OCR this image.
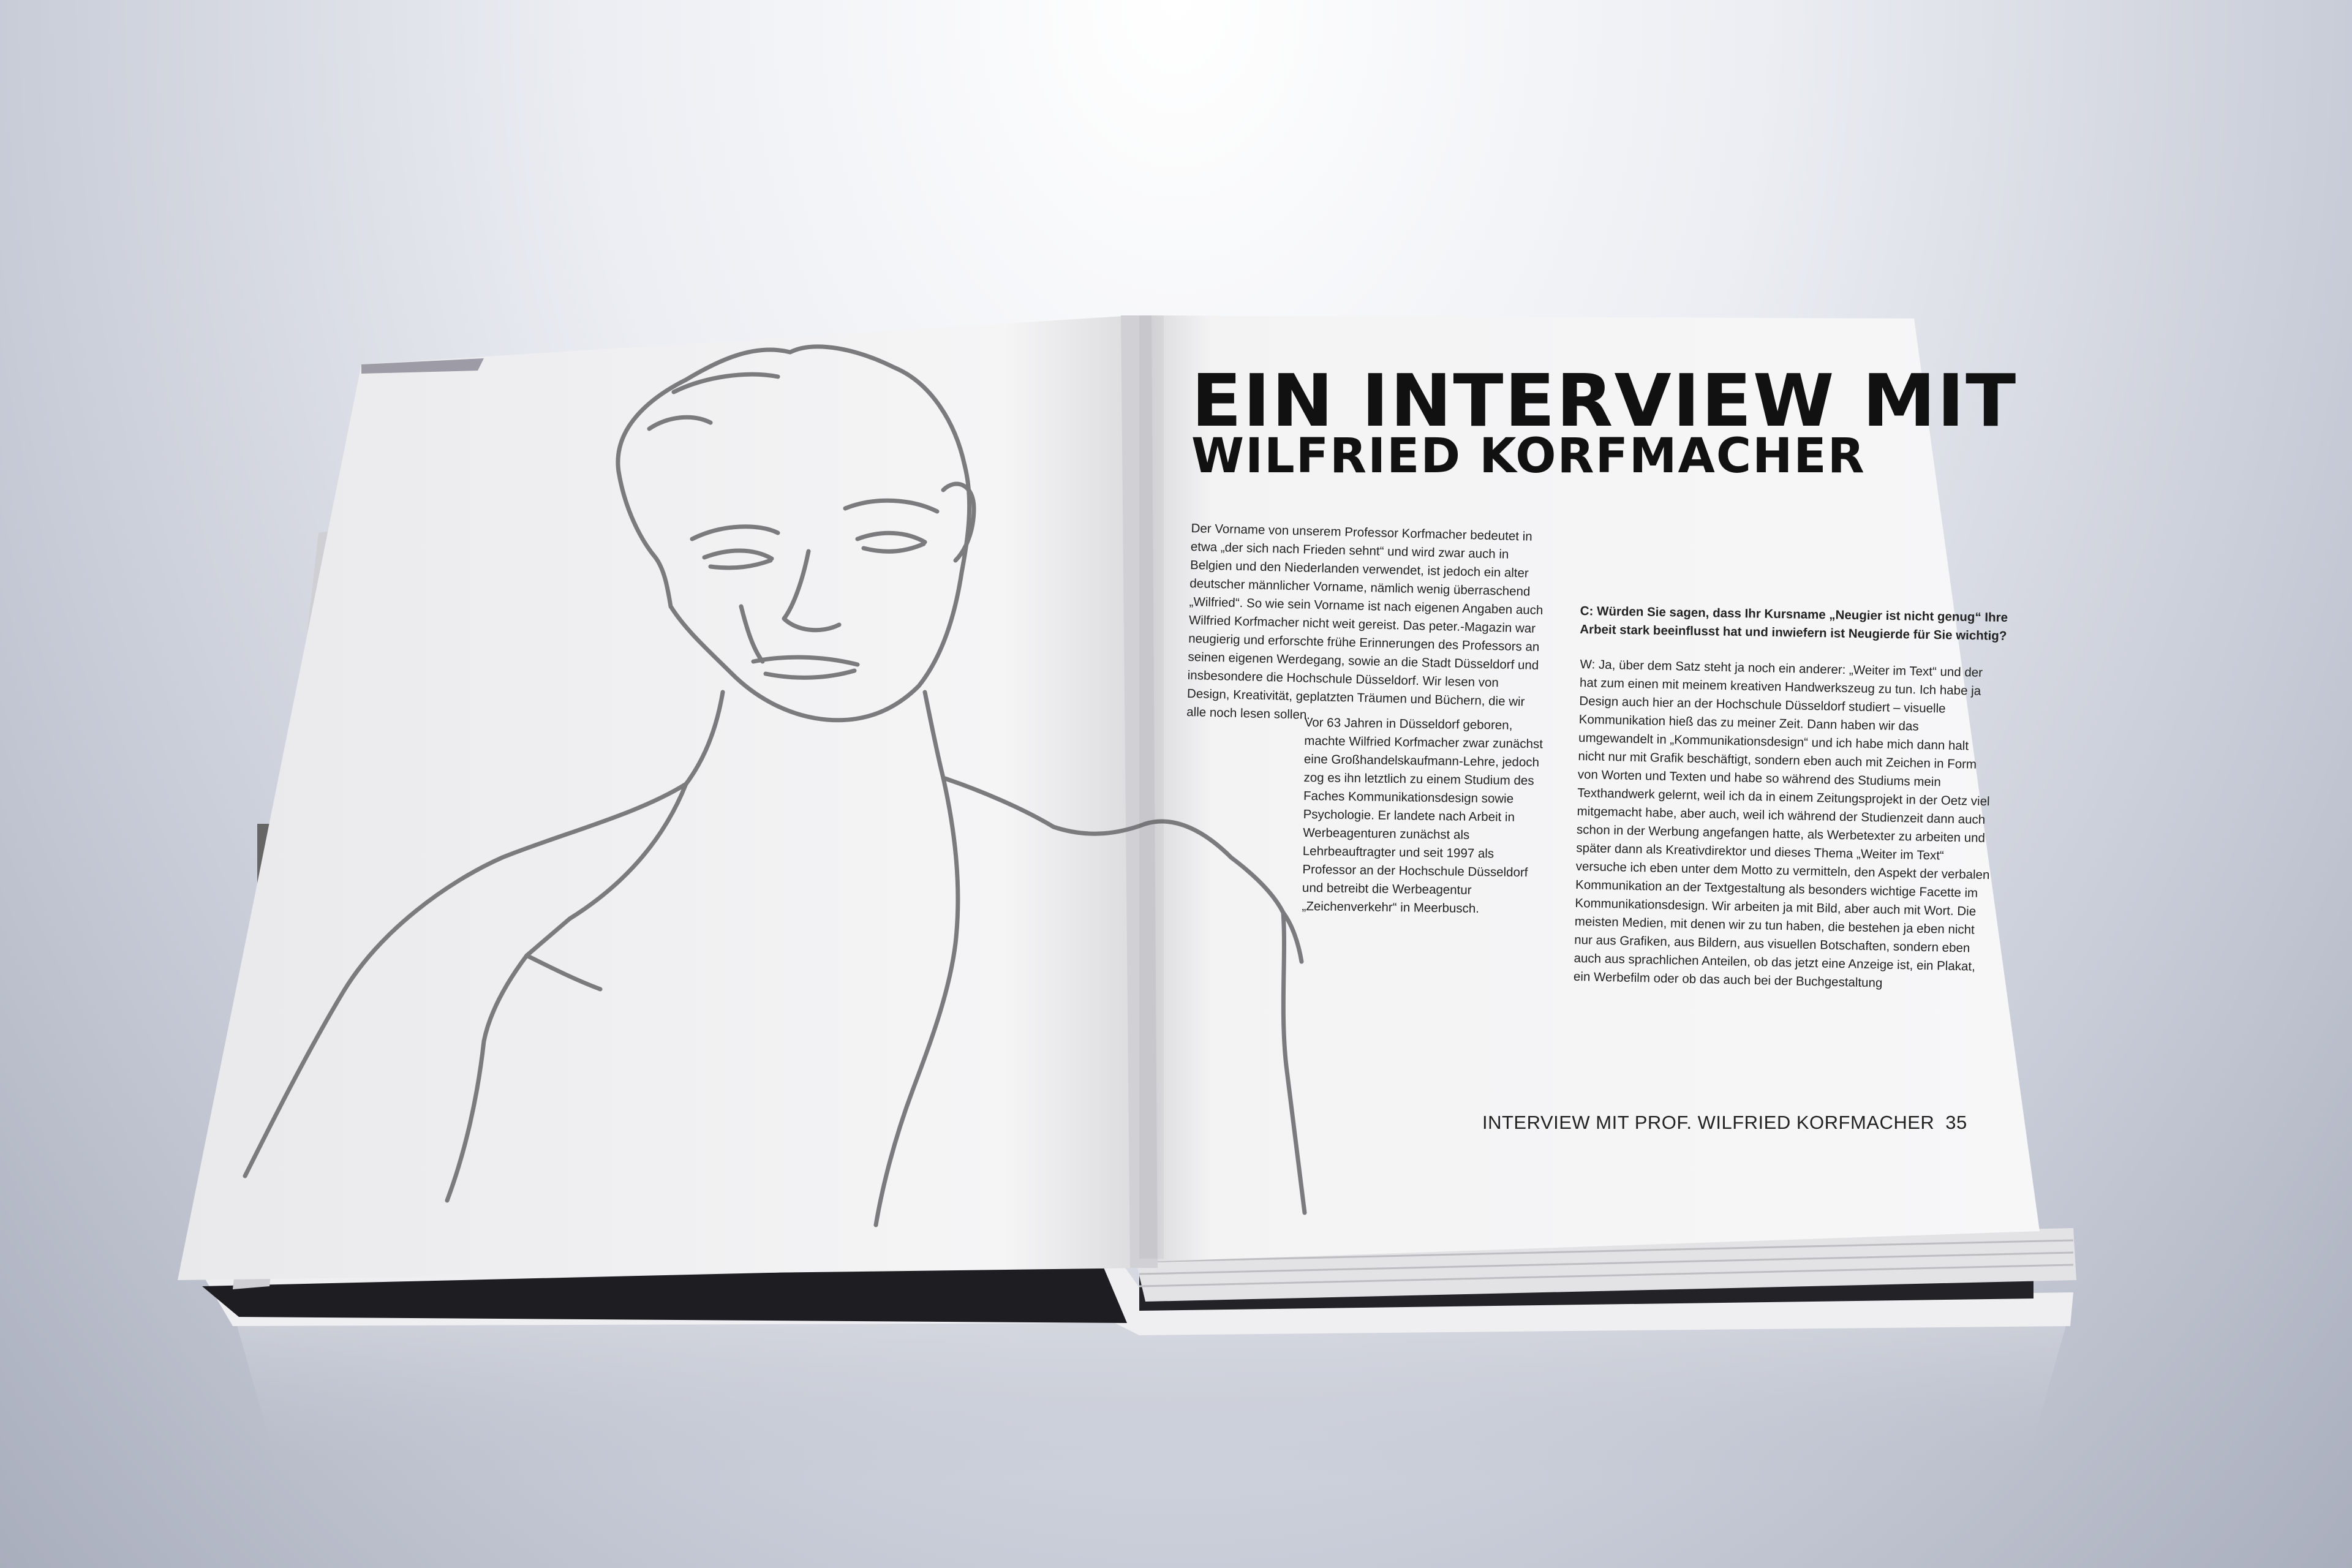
EIN INTERVIEW MIT
WILFRIED KORFMACHER

Der Vorname von unserem Professor Korfmacher bedeutet in etwa „der sich nach Frieden sehnt“ und wird zwar auch in Belgien und den Niederlanden verwendet, ist jedoch ein alter deutscher männlicher Vorname, nämlich wenig überraschend „Wilfried“. So wie sein Vorname ist nach eigenen Angaben auch Wilfried Korfmacher nicht weit gereist. Das peter.-Magazin war neugierig und erforschte frühe Erinnerungen des Professors an seinen eigenen Werdegang, sowie an die Stadt Düsseldorf und insbesondere die Hochschule Düsseldorf. Wir lesen von Design, Kreativität, geplatzten Träumen und Büchern, die wir alle noch lesen sollen.

Vor 63 Jahren in Düsseldorf geboren, machte Wilfried Korfmacher zwar zunächst eine Großhandelskaufmann-Lehre, jedoch zog es ihn letztlich zu einem Studium des Faches Kommunikationsdesign sowie Psychologie. Er landete nach Arbeit in Werbeagenturen zunächst als Lehrbeauftragter und seit 1997 als Professor an der Hochschule Düsseldorf und betreibt die Werbeagentur „Zeichenverkehr“ in Meerbusch.

C: Würden Sie sagen, dass Ihr Kursname „Neugier ist nicht genug“ Ihre Arbeit stark beeinflusst hat und inwiefern ist Neugierde für Sie wichtig?

W: Ja, über dem Satz steht ja noch ein anderer: „Weiter im Text“ und der hat zum einen mit meinem kreativen Handwerkszeug zu tun. Ich habe ja Design auch hier an der Hochschule Düsseldorf studiert – visuelle Kommunikation hieß das zu meiner Zeit. Dann haben wir das umgewandelt in „Kommunikationsdesign“ und ich habe mich dann halt nicht nur mit Grafik beschäftigt, sondern eben auch mit Zeichen in Form von Worten und Texten und habe so während des Studiums mein Texthandwerk gelernt, weil ich da in einem Zeitungsprojekt in der Oetz viel mitgemacht habe, aber auch, weil ich während der Studienzeit dann auch schon in der Werbung angefangen hatte, als Werbetexter zu arbeiten und später dann als Kreativdirektor und dieses Thema „Weiter im Text“ versuche ich eben unter dem Motto zu vermitteln, den Aspekt der verbalen Kommunikation an der Textgestaltung als besonders wichtige Facette im Kommunikationsdesign. Wir arbeiten ja mit Bild, aber auch mit Wort. Die meisten Medien, mit denen wir zu tun haben, die bestehen ja eben nicht nur aus Grafiken, aus Bildern, aus visuellen Botschaften, sondern eben auch aus sprachlichen Anteilen, ob das jetzt eine Anzeige ist, ein Plakat, ein Werbefilm oder ob das auch bei der Buchgestaltung

INTERVIEW MIT PROF. WILFRIED KORFMACHER 35
